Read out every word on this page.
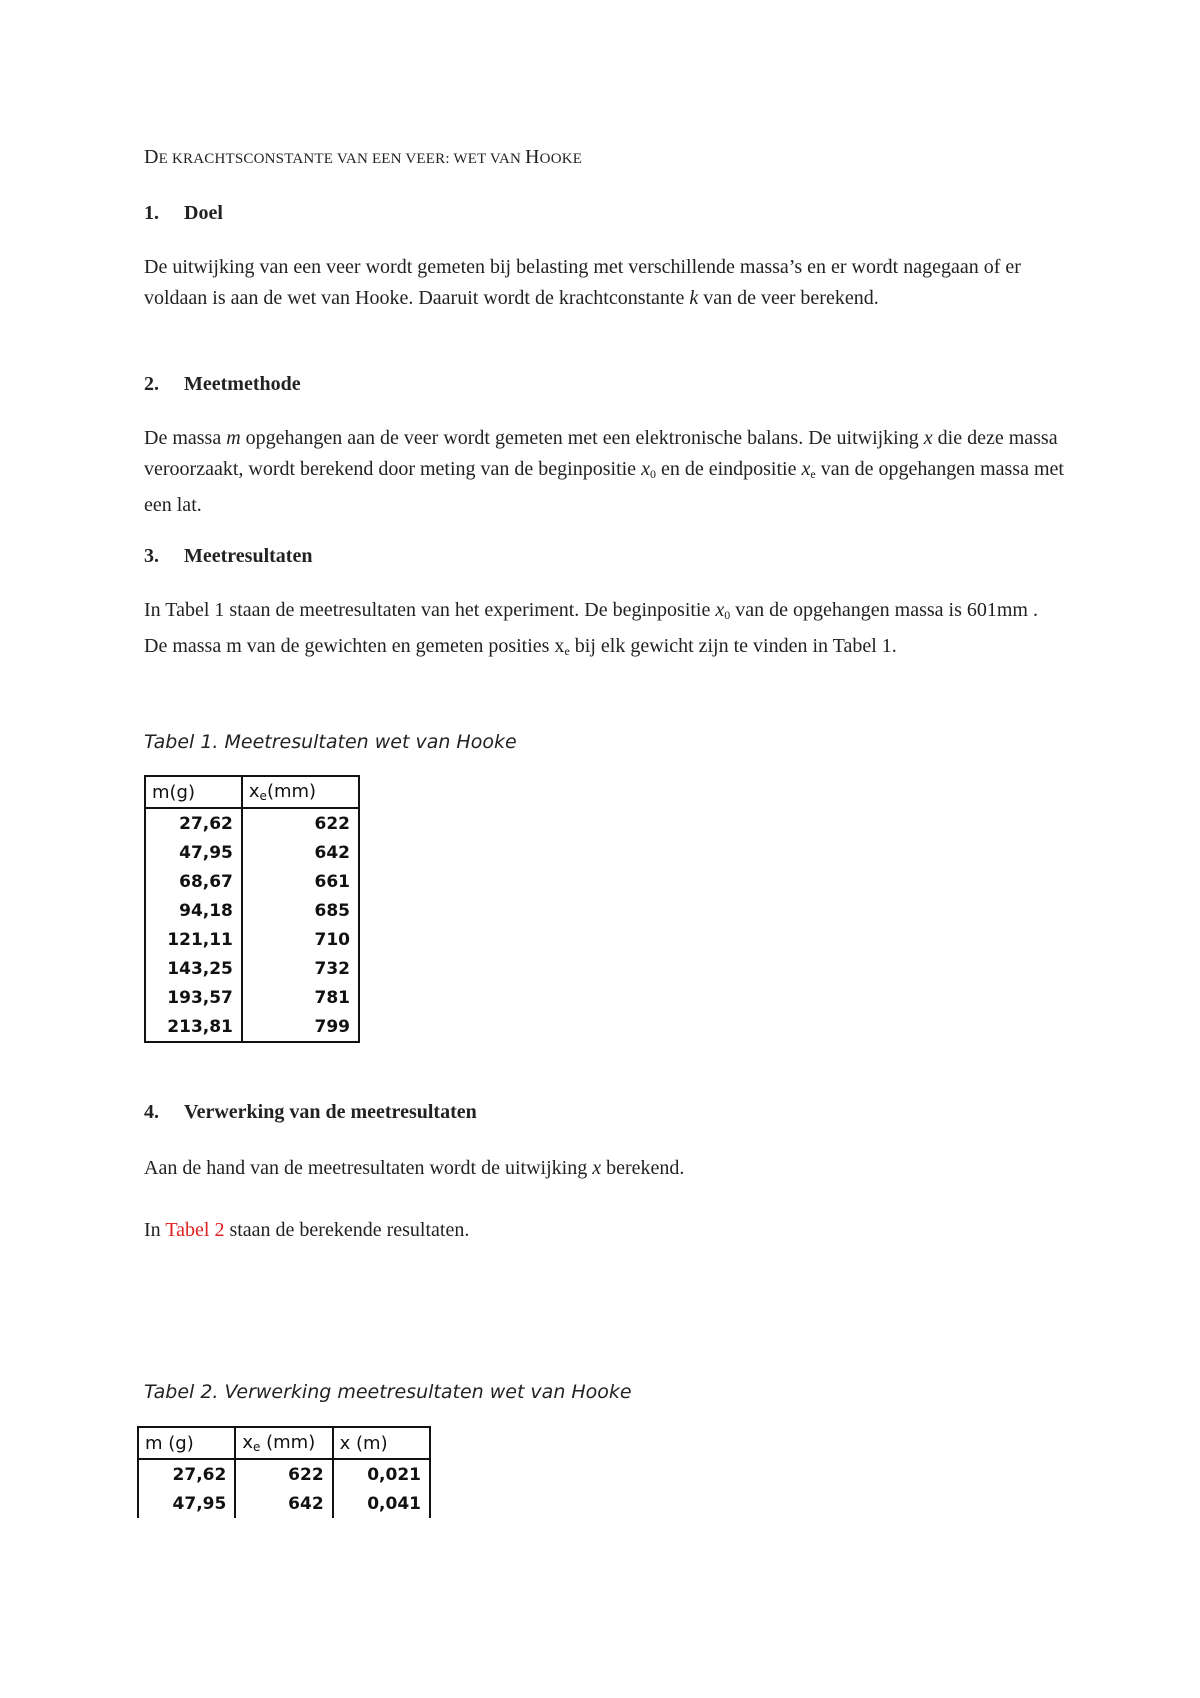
DE KRACHTSCONSTANTE VAN EEN VEER: WET VAN HOOKE
1. Doel
De uitwijking van een veer wordt gemeten bij belasting met verschillende massa’s en er wordt nagegaan of er voldaan is aan de wet van Hooke. Daaruit wordt de krachtconstante k van de veer berekend.
2. Meetmethode
De massa m opgehangen aan de veer wordt gemeten met een elektronische balans. De uitwijking x die deze massa veroorzaakt, wordt berekend door meting van de beginpositie $x_0$ en de eindpositie $x_e$ van de opgehangen massa met een lat.
3. Meetresultaten
In Tabel 1 staan de meetresultaten van het experiment. De beginpositie $x_0$ van de opgehangen massa is 601mm . De massa m van de gewichten en gemeten posities $x_e$ bij elk gewicht zijn te vinden in Tabel 1.
Tabel 1. Meetresultaten wet van Hooke
m(g)	$x_e(mm)$
27,62	622
47,95	642
68,67	661
94,18	685
121,11	710
143,25	732
193,57	781
213,81	799
4. Verwerking van de meetresultaten
Aan de hand van de meetresultaten wordt de uitwijking x berekend.
In Tabel 2 staan de berekende resultaten.
Tabel 2. Verwerking meetresultaten wet van Hooke
m (g)	$x_e$ (mm)	x (m)
27,62	622	0,021
47,95	642	0,041
